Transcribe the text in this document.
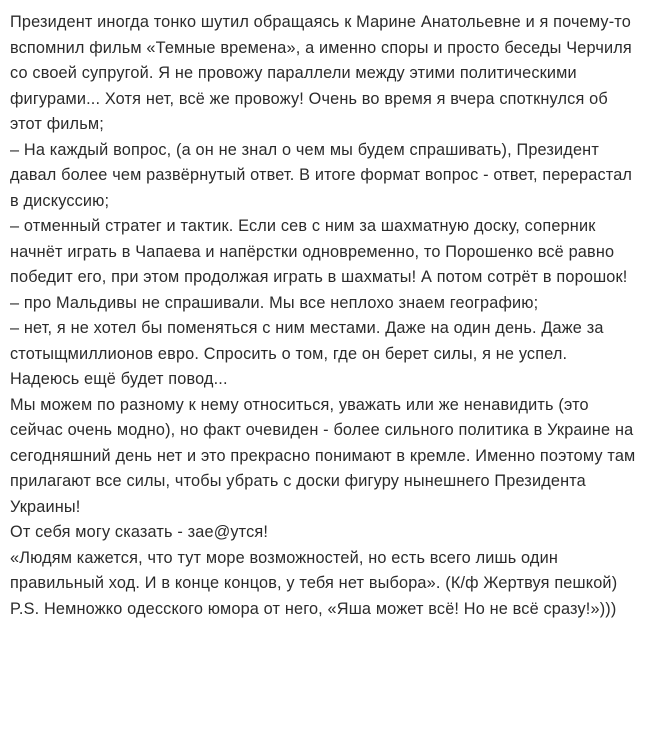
Президент иногда тонко шутил обращаясь к Марине Анатольевне и я почему-то вспомнил фильм «Темные времена», а именно споры и просто беседы Черчиля со своей супругой. Я не провожу параллели между этими политическими фигурами... Хотя нет, всё же провожу! Очень во время я вчера споткнулся об этот фильм;

– На каждый вопрос, (а он не знал о чем мы будем спрашивать), Президент давал более чем развёрнутый ответ. В итоге формат вопрос - ответ, перерастал в дискуссию;

– отменный стратег и тактик. Если сев с ним за шахматную доску, соперник начнёт играть в Чапаева и напёрстки одновременно, то Порошенко всё равно победит его, при этом продолжая играть в шахматы! А потом сотрёт в порошок!

– про Мальдивы не спрашивали. Мы все неплохо знаем географию;

– нет, я не хотел бы поменяться с ним местами. Даже на один день. Даже за стотыщмиллионов евро. Спросить о том, где он берет силы, я не успел. Надеюсь ещё будет повод...

Мы можем по разному к нему относиться, уважать или же ненавидить (это сейчас очень модно), но факт очевиден - более сильного политика в Украине на сегодняшний день нет и это прекрасно понимают в кремле. Именно поэтому там прилагают все силы, чтобы убрать с доски фигуру нынешнего Президента Украины!

От себя могу сказать - зае@утся!

«Людям кажется, что тут море возможностей, но есть всего лишь один правильный ход. И в конце концов, у тебя нет выбора». (К/ф Жертвуя пешкой)

P.S. Немножко одесского юмора от него, «Яша может всё! Но не всё сразу!»)))
